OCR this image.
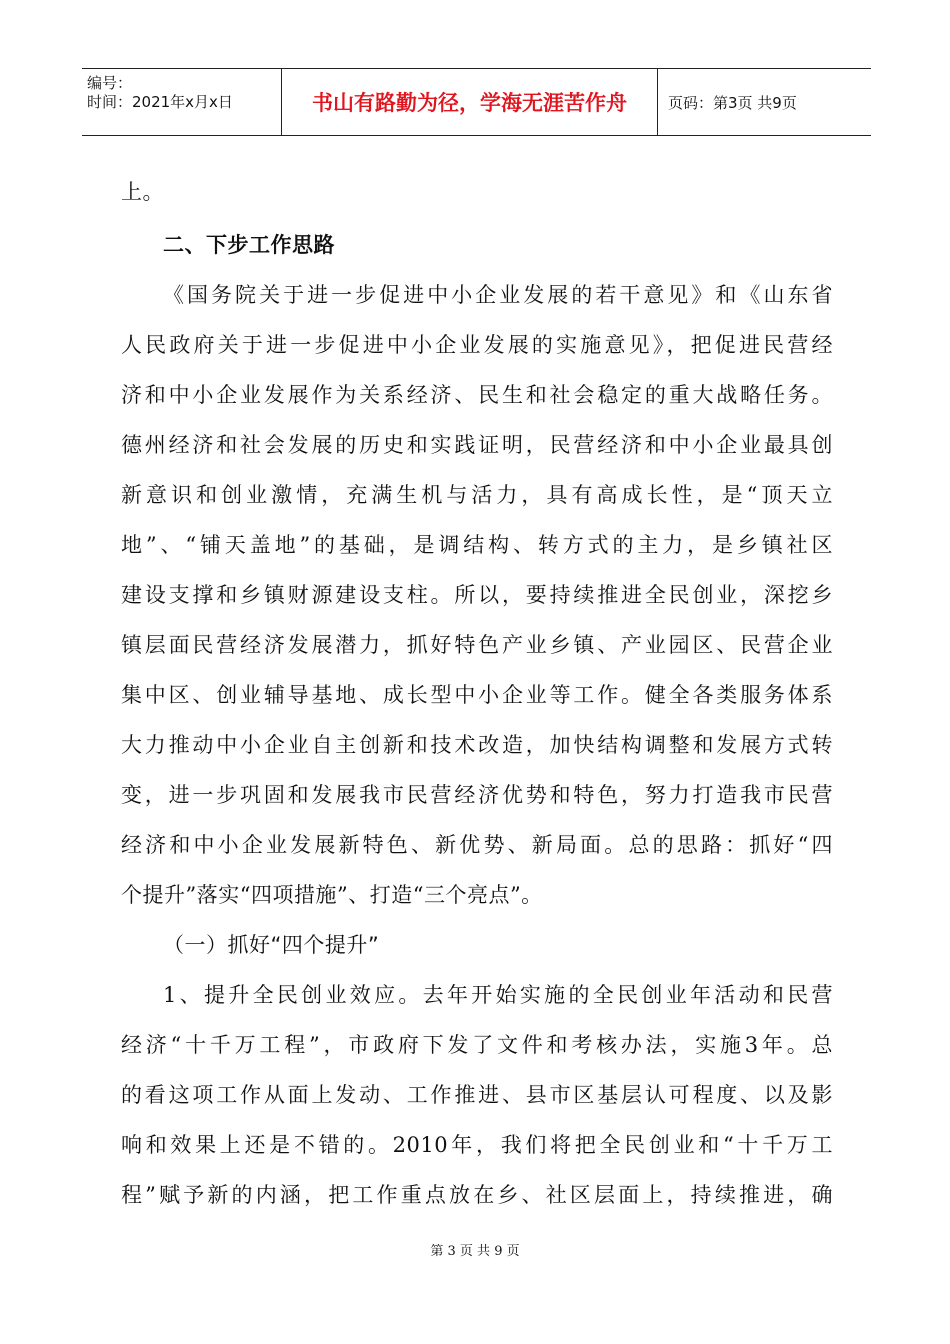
编号：
时间：2021年x月x日	书山有路勤为径，学海无涯苦作舟	页码：第3页 共9页
上。
二、下步工作思路
《国务院关于进一步促进中小企业发展的若干意见》和《山东省
人民政府关于进一步促进中小企业发展的实施意见》，把促进民营经
济和中小企业发展作为关系经济、民生和社会稳定的重大战略任务。
德州经济和社会发展的历史和实践证明，民营经济和中小企业最具创
新意识和创业激情，充满生机与活力，具有高成长性，是“顶天立
地”、“铺天盖地”的基础，是调结构、转方式的主力，是乡镇社区
建设支撑和乡镇财源建设支柱。所以，要持续推进全民创业，深挖乡
镇层面民营经济发展潜力，抓好特色产业乡镇、产业园区、民营企业
集中区、创业辅导基地、成长型中小企业等工作。健全各类服务体系
大力推动中小企业自主创新和技术改造，加快结构调整和发展方式转
变，进一步巩固和发展我市民营经济优势和特色，努力打造我市民营
经济和中小企业发展新特色、新优势、新局面。总的思路：抓好“四
个提升”落实“四项措施”、打造“三个亮点”。
（一）抓好“四个提升”
1、提升全民创业效应。去年开始实施的全民创业年活动和民营
经济“十千万工程”，市政府下发了文件和考核办法，实施3年。总
的看这项工作从面上发动、工作推进、县市区基层认可程度、以及影
响和效果上还是不错的。2010年，我们将把全民创业和“十千万工
程”赋予新的内涵，把工作重点放在乡、社区层面上，持续推进，确
第 3 页 共 9 页
